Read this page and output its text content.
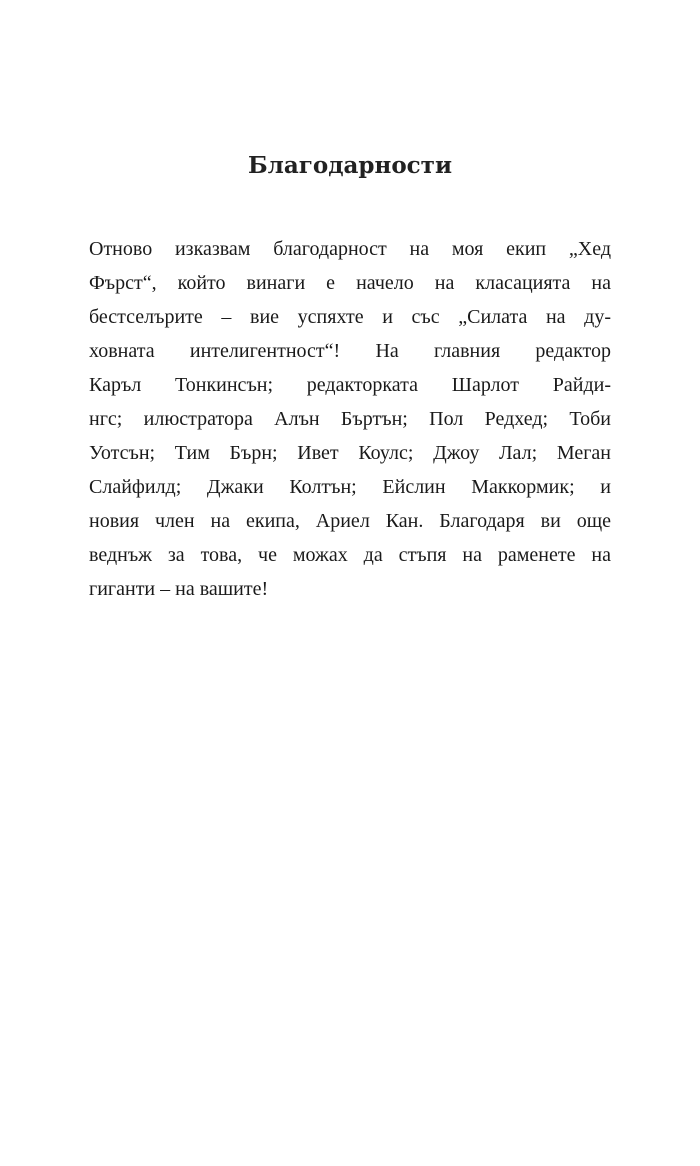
Благодарности
Отново изказвам благодарност на моя екип „Хед
Фърст“, който винаги е начело на класацията на
бестселърите – вие успяхте и със „Силата на ду-
ховната интелигентност“! На главния редактор
Каръл Тонкинсън; редакторката Шарлот Райди-
нгс; илюстратора Алън Бъртън; Пол Редхед; Тоби
Уотсън; Тим Бърн; Ивет Коулс; Джоу Лал; Меган
Слайфилд; Джаки Колтън; Ейслин Маккормик; и
новия член на екипа, Ариел Кан. Благодаря ви още
веднъж за това, че можах да стъпя на раменете на
гиганти – на вашите!
